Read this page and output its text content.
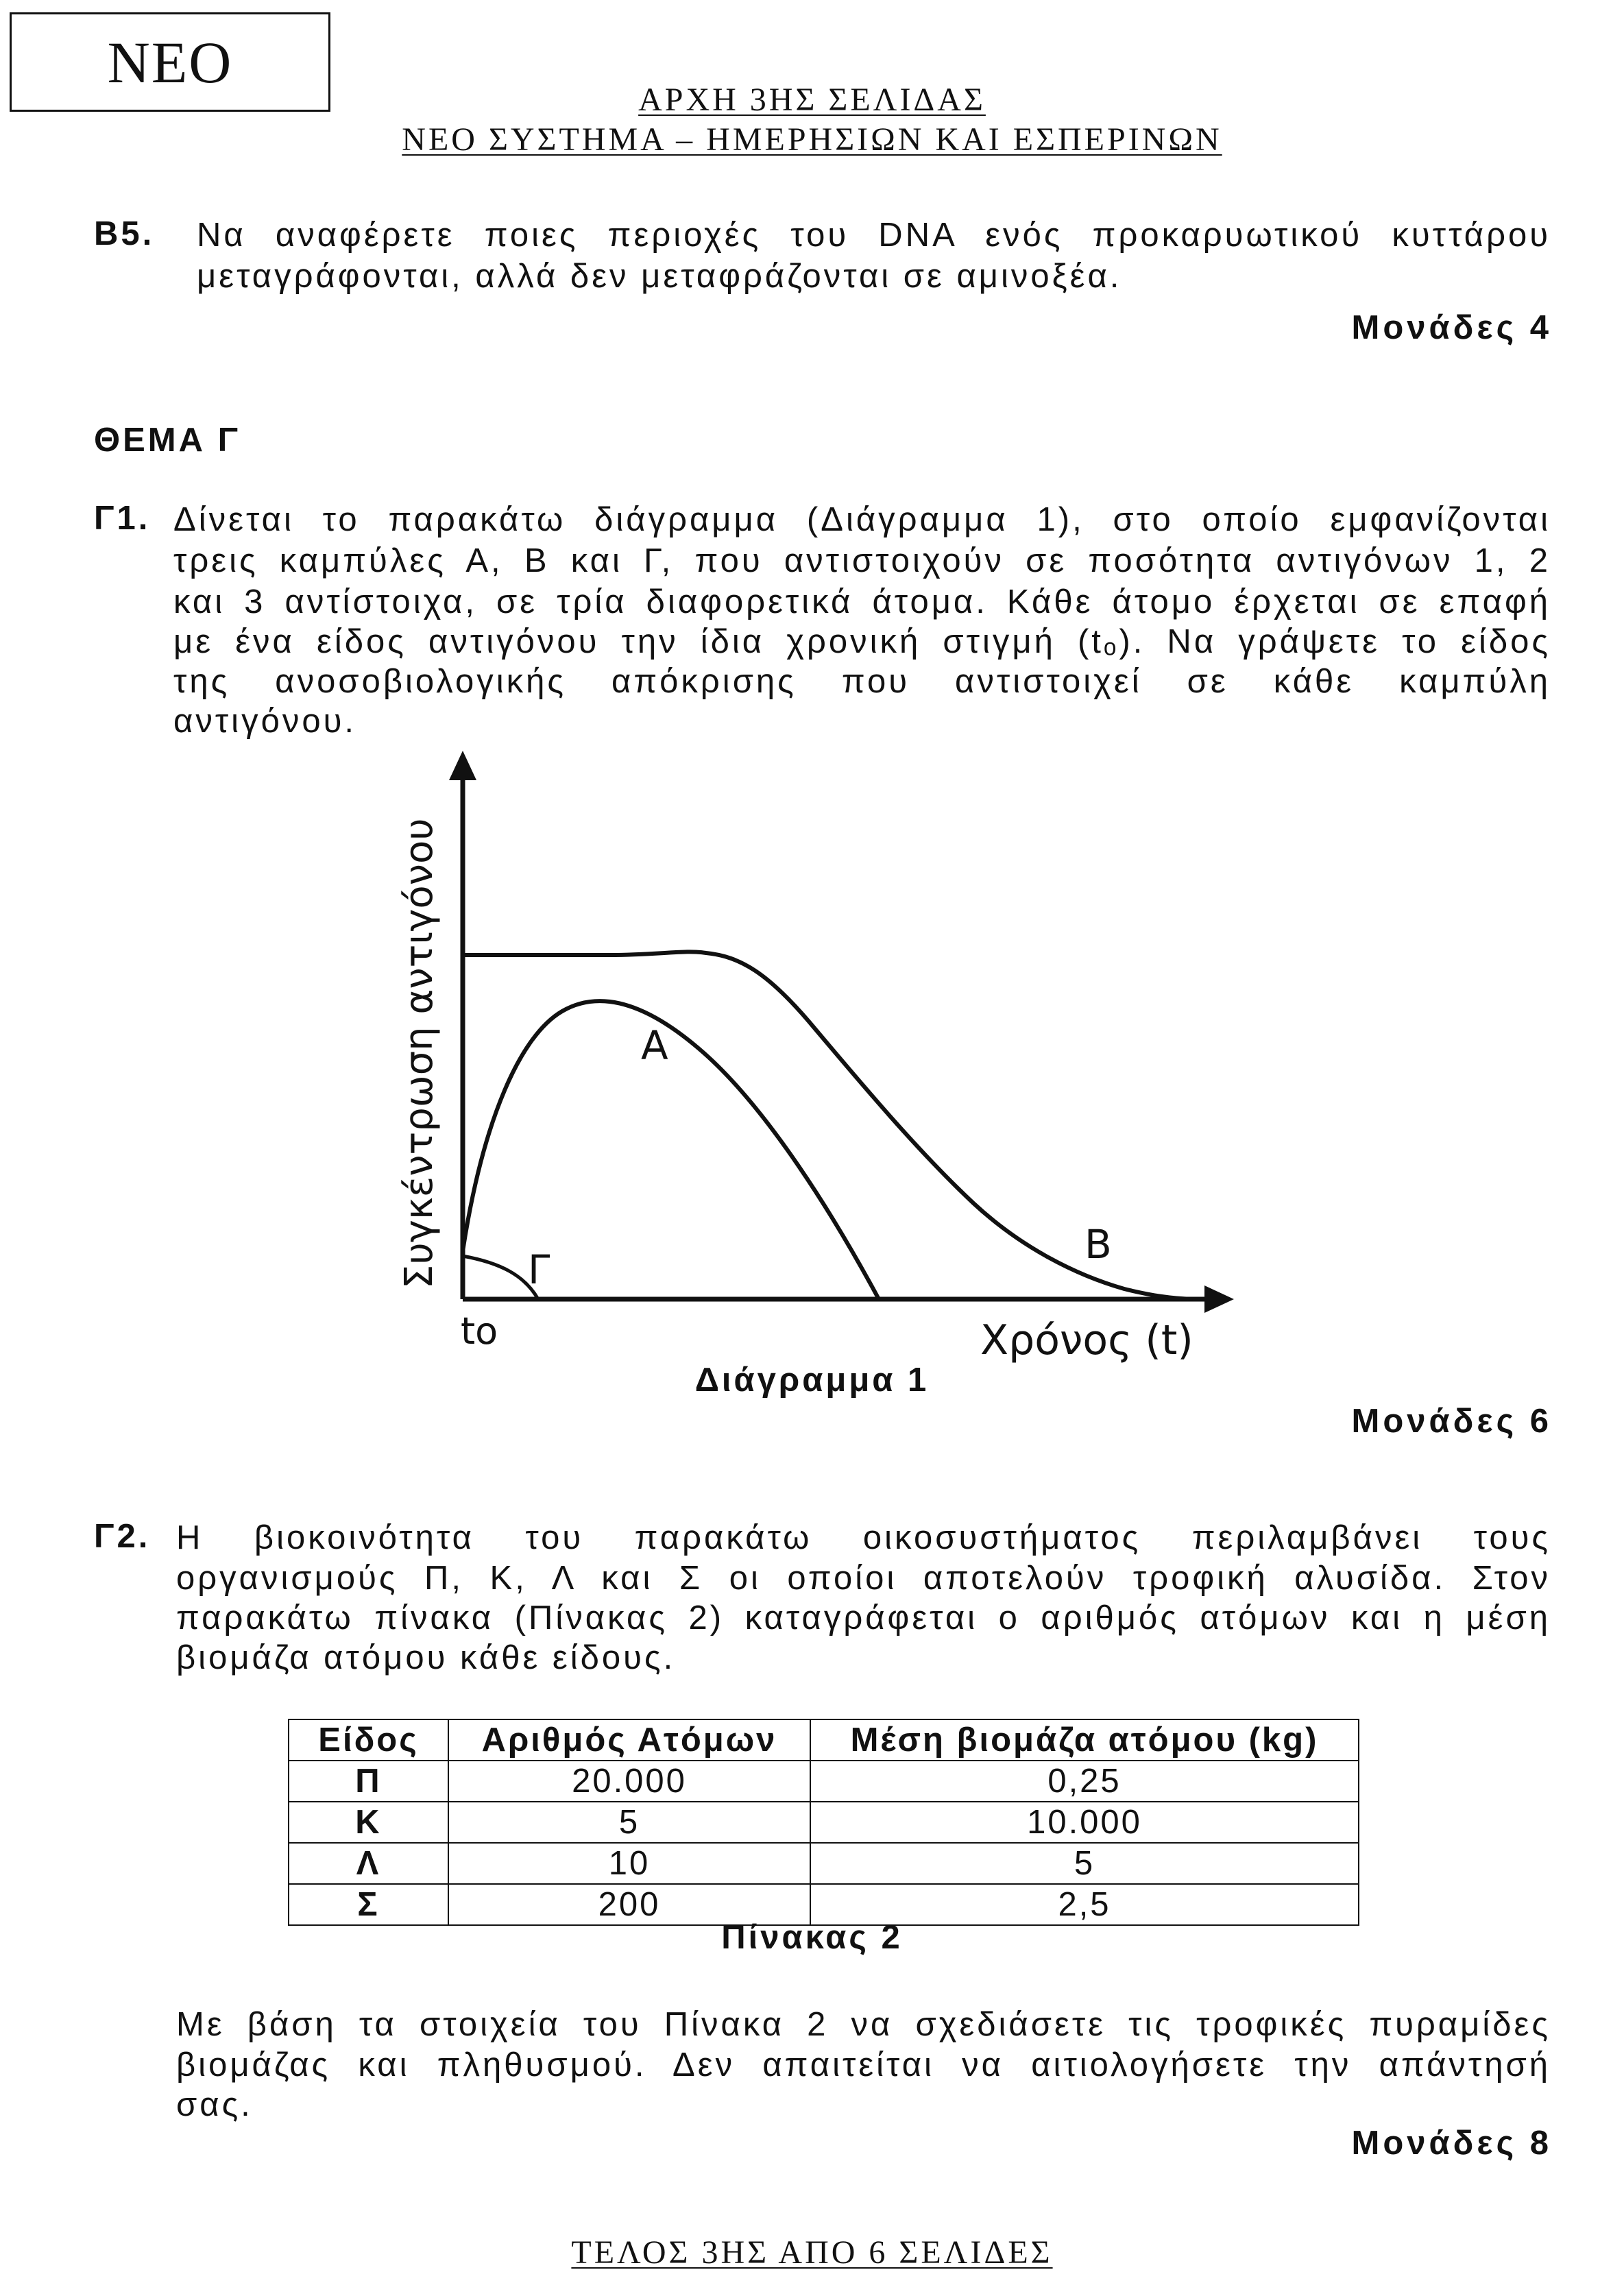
ΝΕΟ
ΑΡΧΗ 3ΗΣ ΣΕΛΙΔΑΣ
ΝΕΟ ΣΥΣΤΗΜΑ – ΗΜΕΡΗΣΙΩΝ ΚΑΙ ΕΣΠΕΡΙΝΩΝ
Β5. Να αναφέρετε ποιες περιοχές του DNA ενός προκαρυωτικού κυττάρου
μεταγράφονται, αλλά δεν μεταφράζονται σε αμινοξέα.
Μονάδες 4
ΘΕΜΑ Γ
Γ1. Δίνεται το παρακάτω διάγραμμα (Διάγραμμα 1), στο οποίο εμφανίζονται
τρεις καμπύλες Α, Β και Γ, που αντιστοιχούν σε ποσότητα αντιγόνων 1, 2
και 3 αντίστοιχα, σε τρία διαφορετικά άτομα. Κάθε άτομο έρχεται σε επαφή
με ένα είδος αντιγόνου την ίδια χρονική στιγμή (tₒ). Να γράψετε το είδος
της ανοσοβιολογικής απόκρισης που αντιστοιχεί σε κάθε καμπύλη
αντιγόνου.
Α
Β
Γ
to	Χρόνος (t)
Συγκέντρωση αντιγόνου
Διάγραμμα 1
Μονάδες 6
Γ2. Η βιοκοινότητα του παρακάτω οικοσυστήματος περιλαμβάνει τους
οργανισμούς Π, Κ, Λ και Σ οι οποίοι αποτελούν τροφική αλυσίδα. Στον
παρακάτω πίνακα (Πίνακας 2) καταγράφεται ο αριθμός ατόμων και η μέση
βιομάζα ατόμου κάθε είδους.
Είδος	Αριθμός Ατόμων	Μέση βιομάζα ατόμου (kg)
Π	20.000	0,25
Κ	5	10.000
Λ	10	5
Σ	200	2,5
Πίνακας 2
Με βάση τα στοιχεία του Πίνακα 2 να σχεδιάσετε τις τροφικές πυραμίδες
βιομάζας και πληθυσμού. Δεν απαιτείται να αιτιολογήσετε την απάντησή
σας.
Μονάδες 8
ΤΕΛΟΣ 3ΗΣ ΑΠΟ 6 ΣΕΛΙΔΕΣ
